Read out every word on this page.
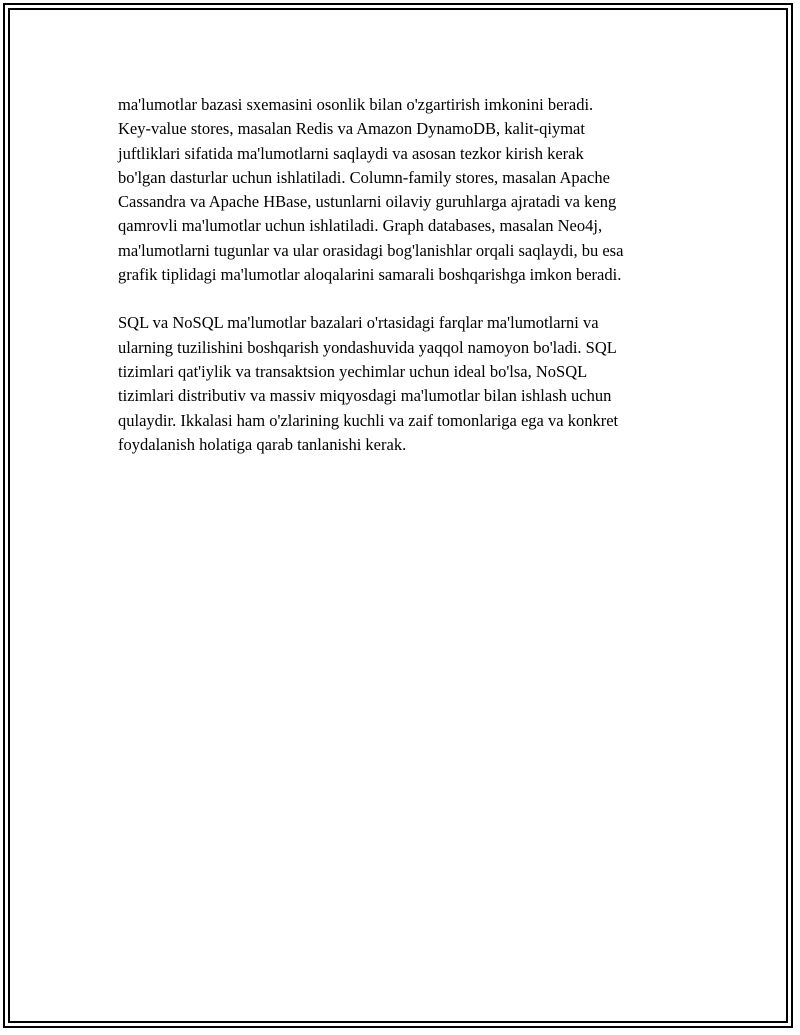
ma'lumotlar bazasi sxemasini osonlik bilan o'zgartirish imkonini beradi.
Key-value stores, masalan Redis va Amazon DynamoDB, kalit-qiymat
juftliklari sifatida ma'lumotlarni saqlaydi va asosan tezkor kirish kerak
bo'lgan dasturlar uchun ishlatiladi. Column-family stores, masalan Apache
Cassandra va Apache HBase, ustunlarni oilaviy guruhlarga ajratadi va keng
qamrovli ma'lumotlar uchun ishlatiladi. Graph databases, masalan Neo4j,
ma'lumotlarni tugunlar va ular orasidagi bog'lanishlar orqali saqlaydi, bu esa
grafik tiplidagi ma'lumotlar aloqalarini samarali boshqarishga imkon beradi.

SQL va NoSQL ma'lumotlar bazalari o'rtasidagi farqlar ma'lumotlarni va
ularning tuzilishini boshqarish yondashuvida yaqqol namoyon bo'ladi. SQL
tizimlari qat'iylik va transaktsion yechimlar uchun ideal bo'lsa, NoSQL
tizimlari distributiv va massiv miqyosdagi ma'lumotlar bilan ishlash uchun
qulaydir. Ikkalasi ham o'zlarining kuchli va zaif tomonlariga ega va konkret
foydalanish holatiga qarab tanlanishi kerak.
